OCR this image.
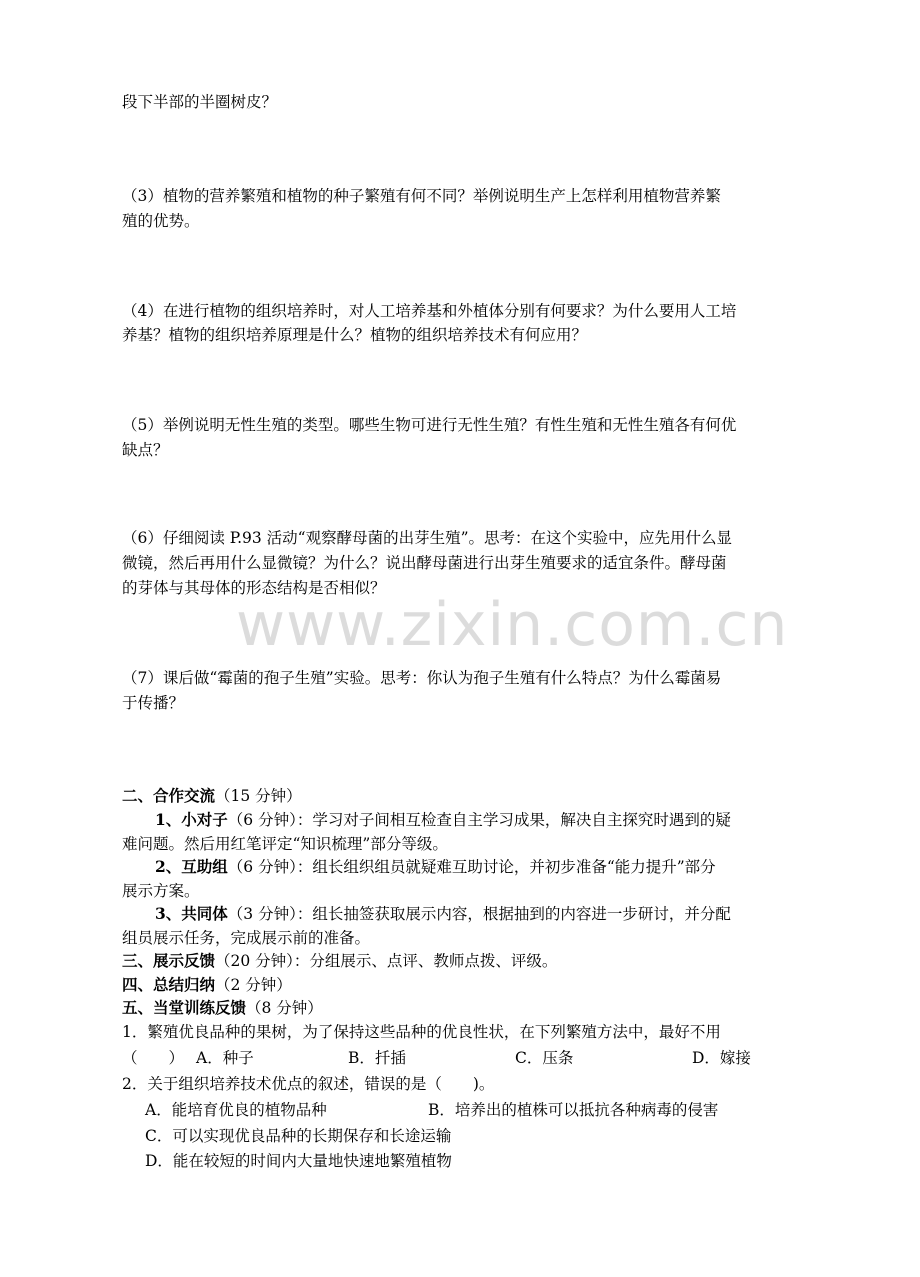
www.zixin.com.cn
段下半部的半圈树皮？
（3）植物的营养繁殖和植物的种子繁殖有何不同？举例说明生产上怎样利用植物营养繁
殖的优势。
（4）在进行植物的组织培养时，对人工培养基和外植体分别有何要求？为什么要用人工培
养基？植物的组织培养原理是什么？植物的组织培养技术有何应用？
（5）举例说明无性生殖的类型。哪些生物可进行无性生殖？有性生殖和无性生殖各有何优
缺点？
（6）仔细阅读 P.93 活动“观察酵母菌的出芽生殖”。思考：在这个实验中，应先用什么显
微镜，然后再用什么显微镜？为什么？说出酵母菌进行出芽生殖要求的适宜条件。酵母菌
的芽体与其母体的形态结构是否相似？
（7）课后做“霉菌的孢子生殖”实验。思考：你认为孢子生殖有什么特点？为什么霉菌易
于传播？
二、合作交流（15 分钟）
1、小对子（6 分钟）：学习对子间相互检查自主学习成果，解决自主探究时遇到的疑
难问题。然后用红笔评定“知识梳理”部分等级。
2、互助组（6 分钟）：组长组织组员就疑难互助讨论，并初步准备“能力提升”部分
展示方案。
3、共同体（3 分钟）：组长抽签获取展示内容，根据抽到的内容进一步研讨，并分配
组员展示任务，完成展示前的准备。
三、展示反馈（20 分钟）：分组展示、点评、教师点拨、评级。
四、总结归纳（2 分钟）
五、当堂训练反馈（8 分钟）
1．繁殖优良品种的果树，为了保持这些品种的优良性状，在下列繁殖方法中，最好不用
（　　） A．种子	B．扦插	C．压条	D．嫁接
2．关于组织培养技术优点的叙述，错误的是（　　)。
A．能培育优良的植物品种	B．培养出的植株可以抵抗各种病毒的侵害
C．可以实现优良品种的长期保存和长途运输
D．能在较短的时间内大量地快速地繁殖植物
